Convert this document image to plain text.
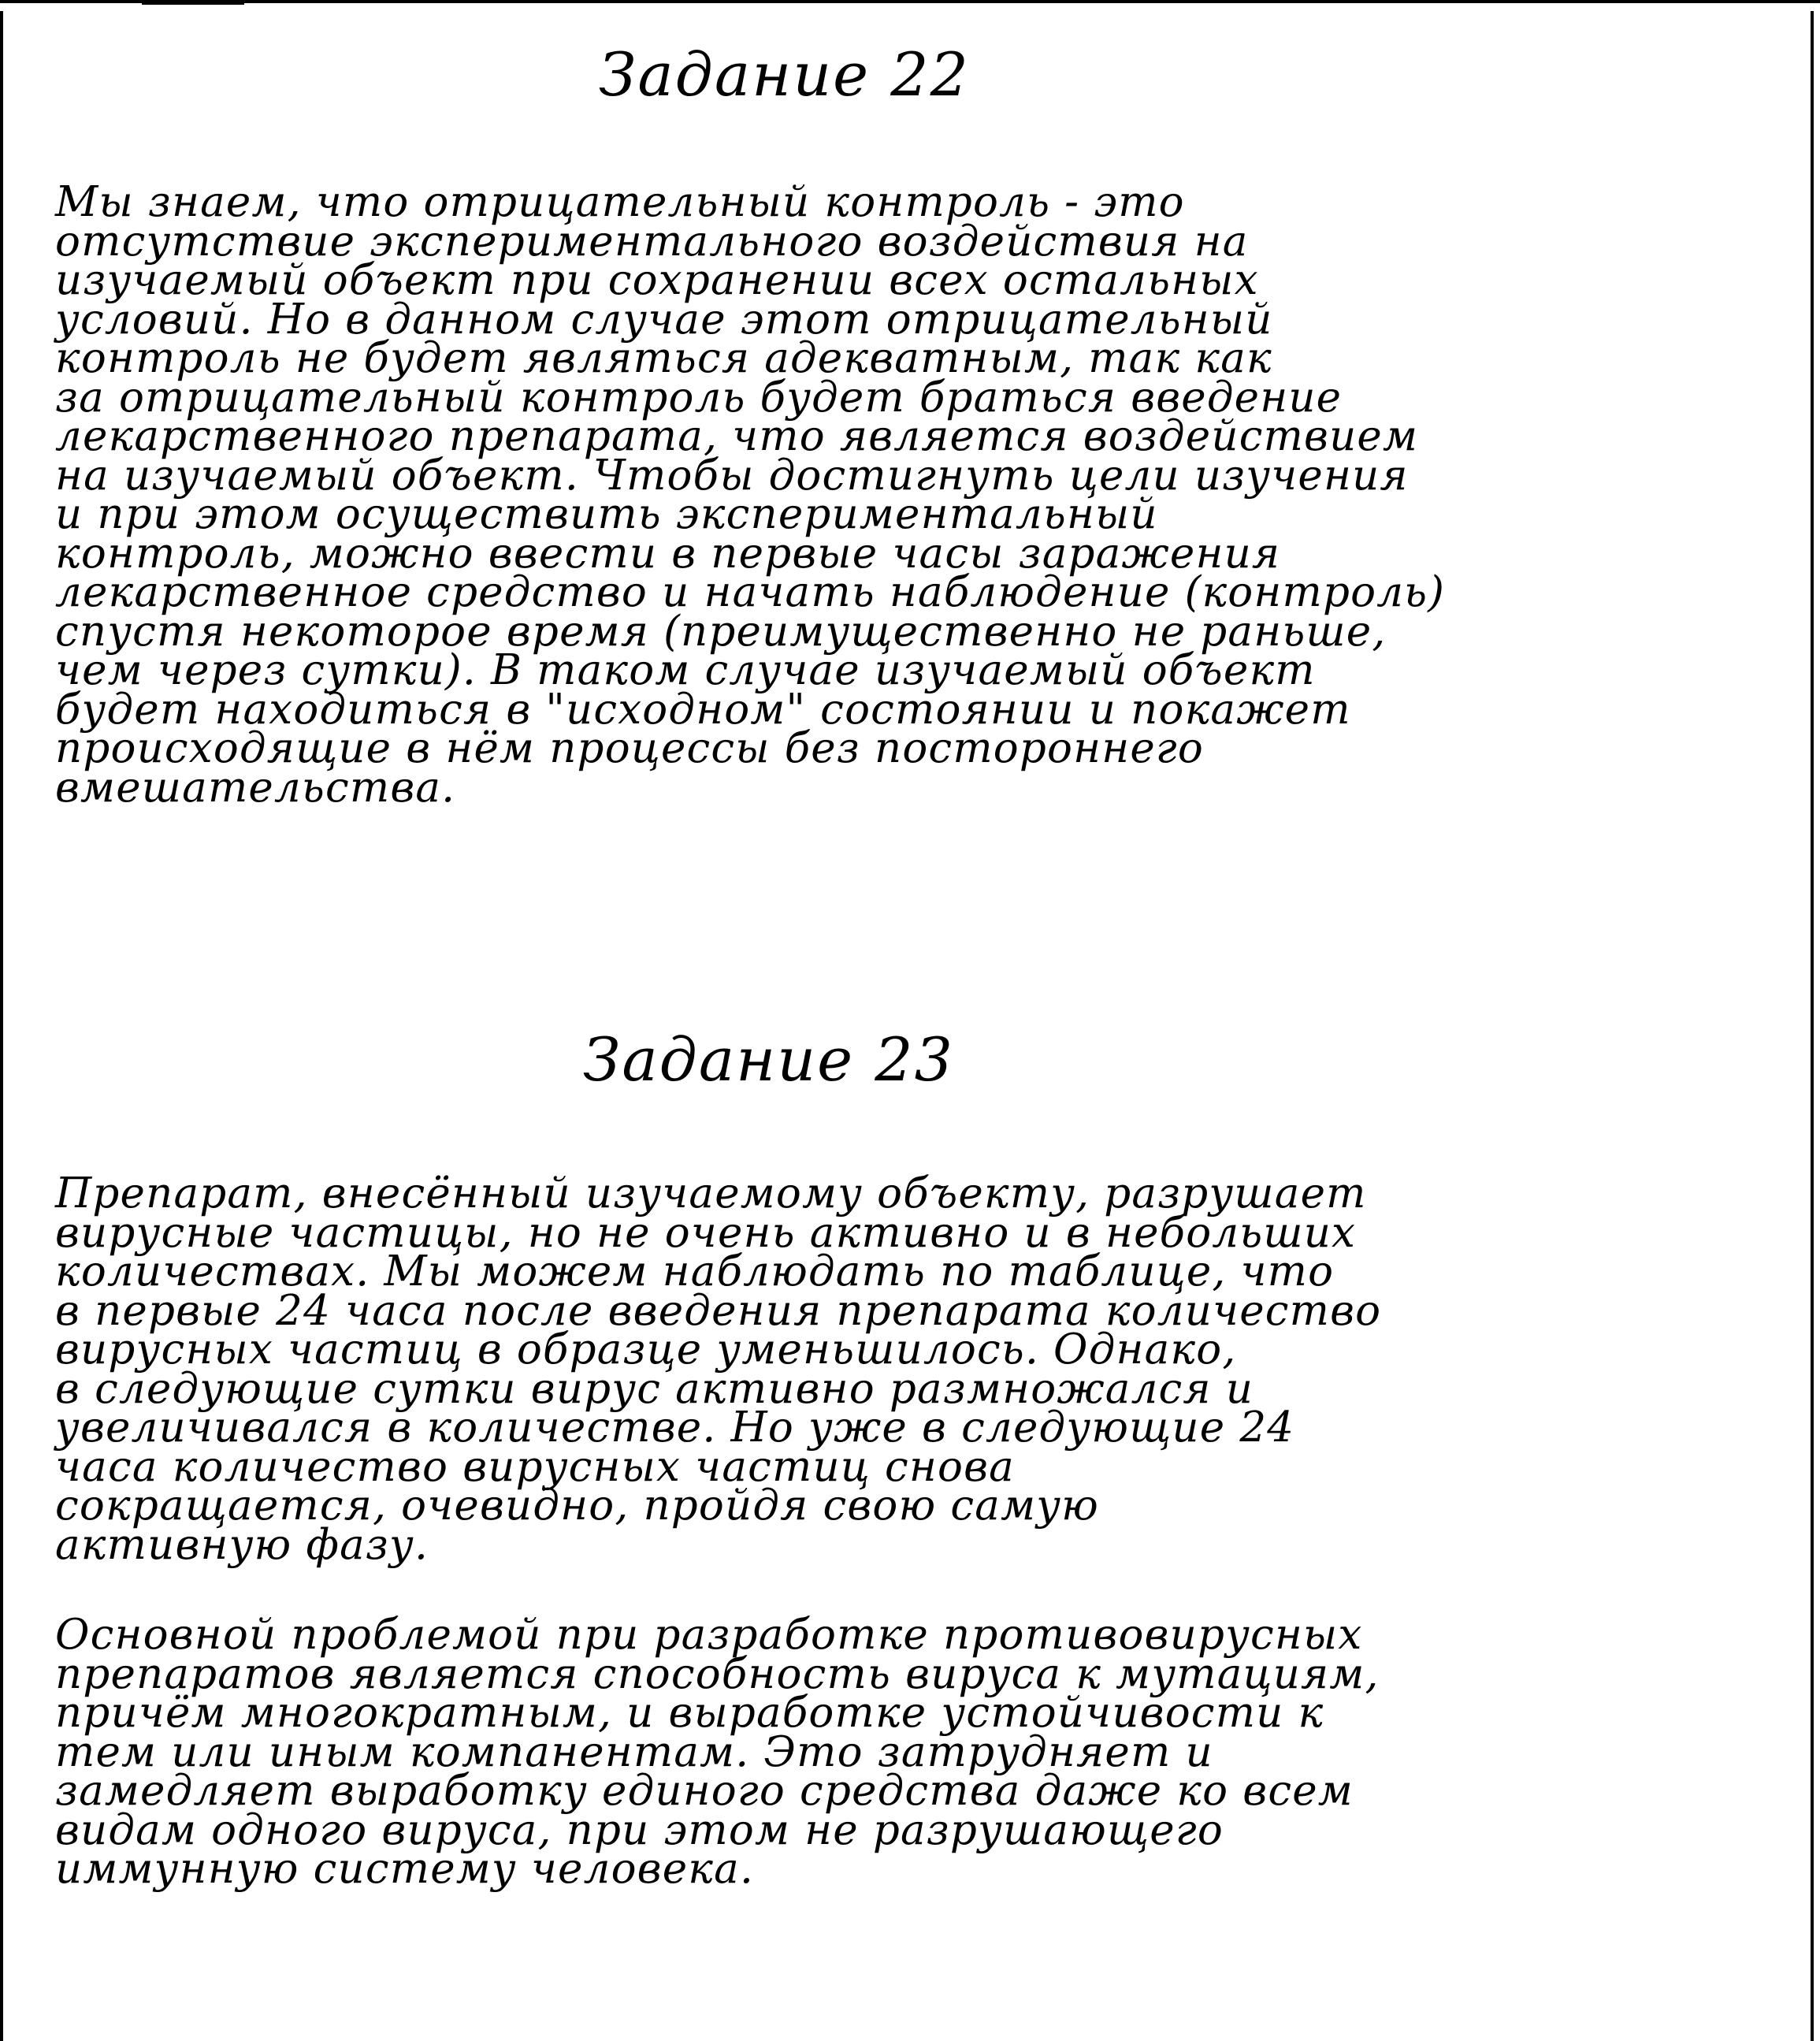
Задание 22
Мы знаем, что отрицательный контроль - это
отсутствие экспериментального воздействия на
изучаемый объект при сохранении всех остальных
условий. Но в данном случае этот отрицательный
контроль не будет являться адекватным, так как
за отрицательный контроль будет браться введение
лекарственного препарата, что является воздействием
на изучаемый объект. Чтобы достигнуть цели изучения
и при этом осуществить экспериментальный
контроль, можно ввести в первые часы заражения
лекарственное средство и начать наблюдение (контроль)
спустя некоторое время (преимущественно не раньше,
чем через сутки). В таком случае изучаемый объект
будет находиться в "исходном" состоянии и покажет
происходящие в нём процессы без постороннего
вмешательства.
Задание 23
Препарат, внесённый изучаемому объекту, разрушает
вирусные частицы, но не очень активно и в небольших
количествах. Мы можем наблюдать по таблице, что
в первые 24 часа после введения препарата количество
вирусных частиц в образце уменьшилось. Однако,
в следующие сутки вирус активно размножался и
увеличивался в количестве. Но уже в следующие 24
часа количество вирусных частиц снова
сокращается, очевидно, пройдя свою самую
активную фазу.
Основной проблемой при разработке противовирусных
препаратов является способность вируса к мутациям,
причём многократным, и выработке устойчивости к
тем или иным компанентам. Это затрудняет и
замедляет выработку единого средства даже ко всем
видам одного вируса, при этом не разрушающего
иммунную систему человека.
